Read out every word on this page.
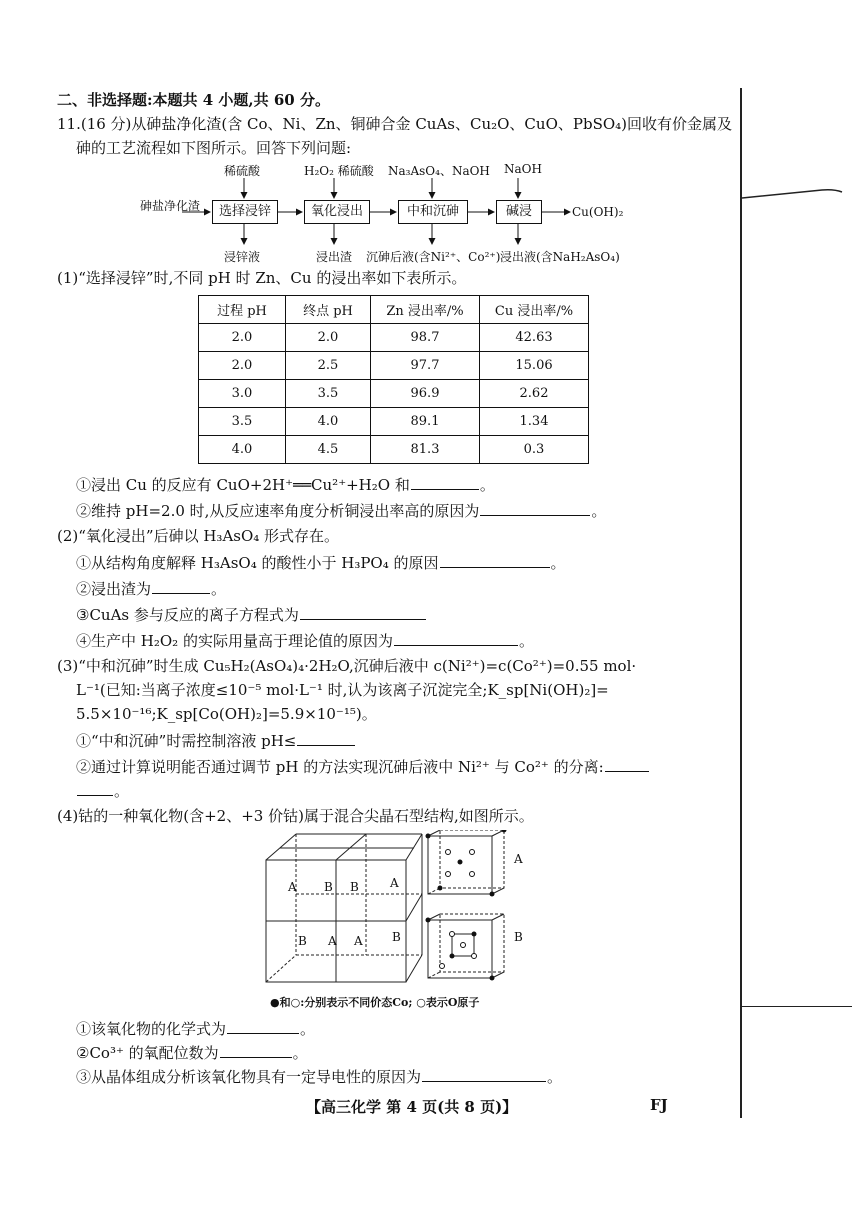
二、非选择题:本题共 4 小题,共 60 分。
11.(16 分)从砷盐净化渣(含 Co、Ni、Zn、铜砷合金 CuAs、Cu₂O、CuO、PbSO₄)回收有价金属及
砷的工艺流程如下图所示。回答下列问题:
砷盐净化渣	选择浸锌	氧化浸出	中和沉砷	碱浸	Cu(OH)₂
稀硫酸	H₂O₂ 稀硫酸 Na₃AsO₄、NaOH NaOH
浸锌液	浸出渣 沉砷后液(含Ni²⁺、Co²⁺) 浸出液(含NaH₂AsO₄)
(1)“选择浸锌”时,不同 pH 时 Zn、Cu 的浸出率如下表所示。
过程 pH	终点 pH	Zn 浸出率/%	Cu 浸出率/%
2.0	2.0	98.7	42.63
2.0	2.5	97.7	15.06
3.0	3.5	96.9	2.62
3.5	4.0	89.1	1.34
4.0	4.5	81.3	0.3
①浸出 Cu 的反应有 CuO+2H⁺══Cu²⁺+H₂O 和	。
②维持 pH=2.0 时,从反应速率角度分析铜浸出率高的原因为	。
(2)“氧化浸出”后砷以 H₃AsO₄ 形式存在。
①从结构角度解释 H₃AsO₄ 的酸性小于 H₃PO₄ 的原因	。
②浸出渣为	。
③CuAs 参与反应的离子方程式为
④生产中 H₂O₂ 的实际用量高于理论值的原因为	。
(3)“中和沉砷”时生成 Cu₅H₂(AsO₄)₄·2H₂O,沉砷后液中 c(Ni²⁺)=c(Co²⁺)=0.55 mol·
L⁻¹(已知:当离子浓度≤10⁻⁵ mol·L⁻¹ 时,认为该离子沉淀完全;K_sp[Ni(OH)₂]=
5.5×10⁻¹⁶;K_sp[Co(OH)₂]=5.9×10⁻¹⁵)。
①“中和沉砷”时需控制溶液 pH≤
②通过计算说明能否通过调节 pH 的方法实现沉砷后液中 Ni²⁺ 与 Co²⁺ 的分离:
。
(4)钴的一种氧化物(含+2、+3 价钴)属于混合尖晶石型结构,如图所示。
A B B	A
B A A B
A
B
●和○:分别表示不同价态Co; ○表示O原子
①该氧化物的化学式为	。
②Co³⁺ 的氧配位数为	。
③从晶体组成分析该氧化物具有一定导电性的原因为	。
【高三化学 第 4 页(共 8 页)】	FJ
